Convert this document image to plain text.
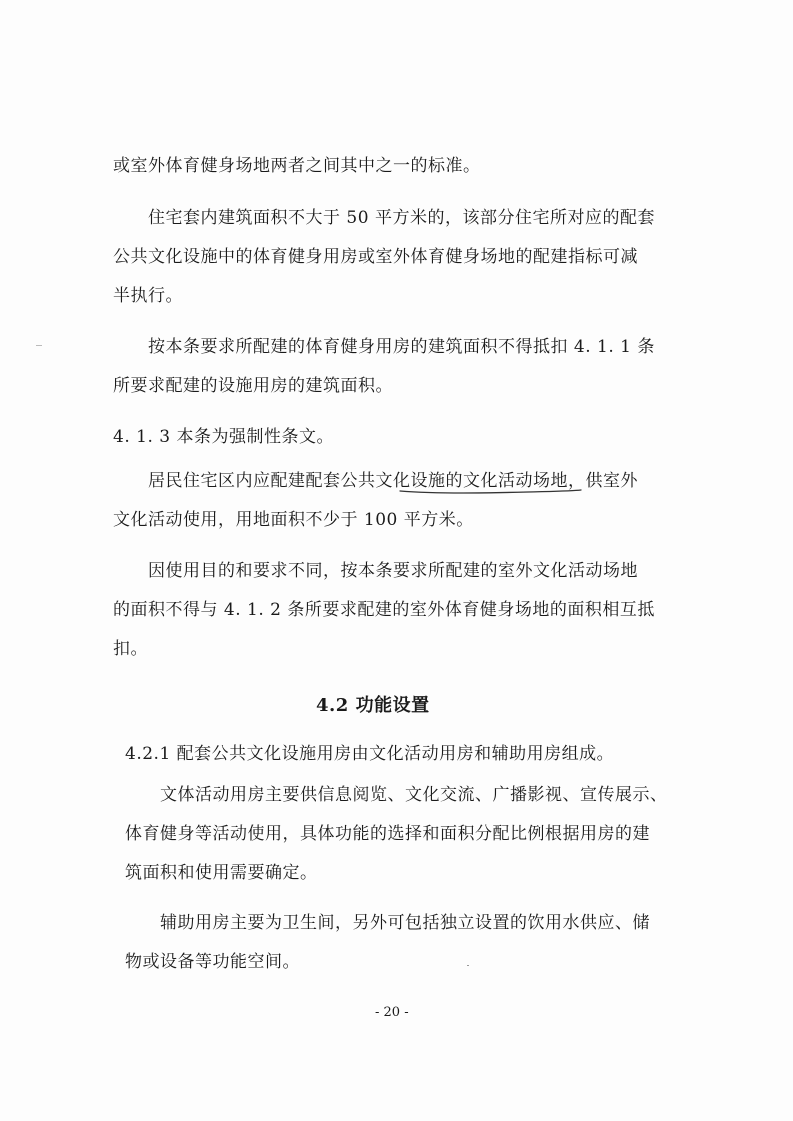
或室外体育健身场地两者之间其中之一的标准。
住宅套内建筑面积不大于 50 平方米的，该部分住宅所对应的配套
公共文化设施中的体育健身用房或室外体育健身场地的配建指标可减
半执行。
按本条要求所配建的体育健身用房的建筑面积不得抵扣 4. 1. 1 条
所要求配建的设施用房的建筑面积。
4. 1. 3 本条为强制性条文。
居民住宅区内应配建配套公共文化设施的文化活动场地，供室外
文化活动使用，用地面积不少于 100 平方米。
因使用目的和要求不同，按本条要求所配建的室外文化活动场地
的面积不得与 4. 1. 2 条所要求配建的室外体育健身场地的面积相互抵
扣。
4.2 功能设置
4.2.1 配套公共文化设施用房由文化活动用房和辅助用房组成。
文体活动用房主要供信息阅览、文化交流、广播影视、宣传展示、
体育健身等活动使用，具体功能的选择和面积分配比例根据用房的建
筑面积和使用需要确定。
辅助用房主要为卫生间，另外可包括独立设置的饮用水供应、储
物或设备等功能空间。
- 20 -
